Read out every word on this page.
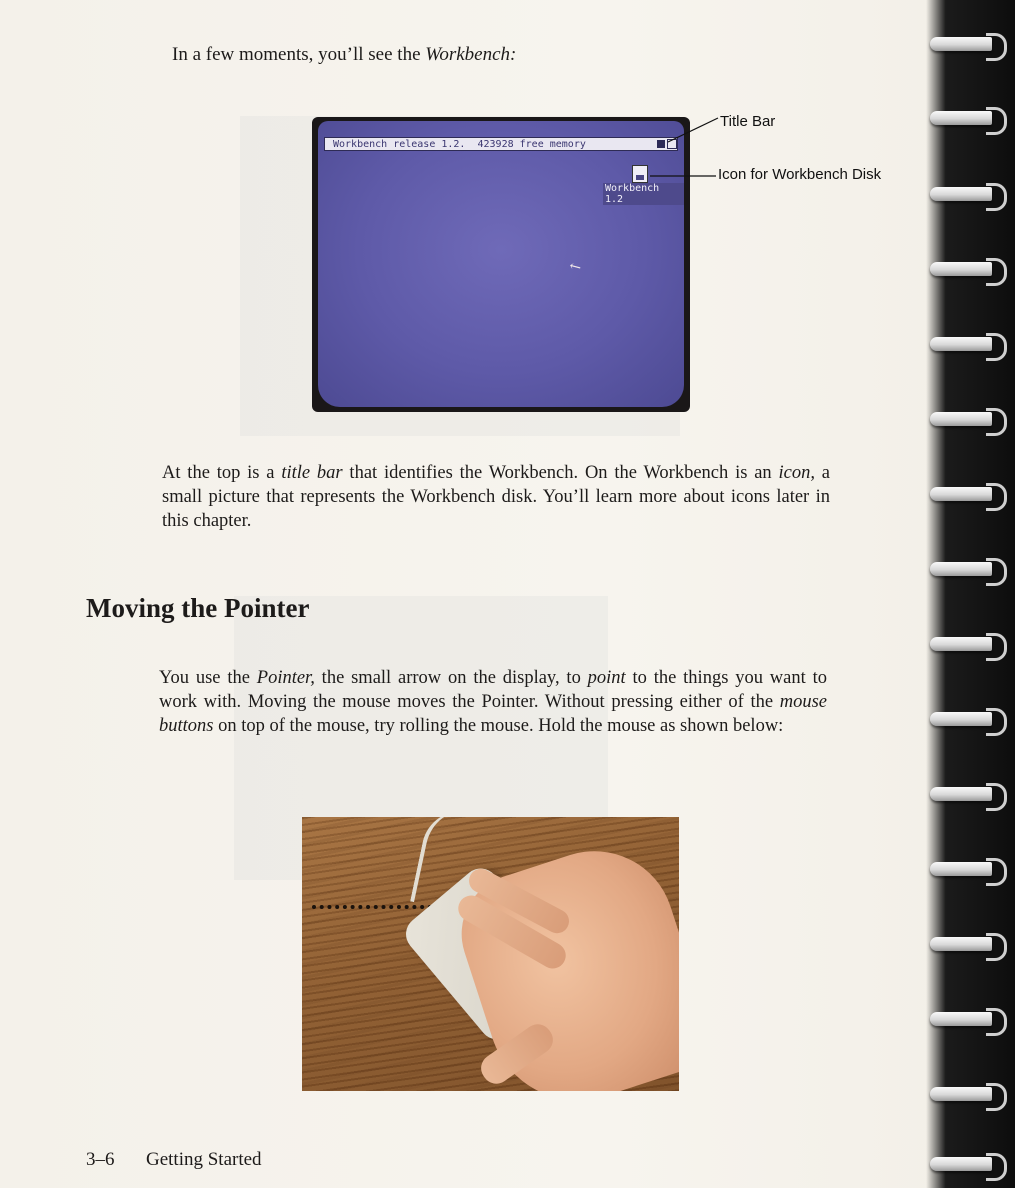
In a few moments, you’ll see the Workbench:
Workbench release 1.2.  423928 free memory
Workbench 1.2
↖
Title Bar
Icon for Workbench Disk
At the top is a title bar that identifies the Workbench. On the Workbench is an icon, a small picture that represents the Workbench disk. You’ll learn more about icons later in this chapter.
Moving the Pointer
You use the Pointer, the small arrow on the display, to point to the things you want to work with. Moving the mouse moves the Pointer. Without pressing either of the mouse buttons on top of the mouse, try rolling the mouse. Hold the mouse as shown below:
3–6 Getting Started
